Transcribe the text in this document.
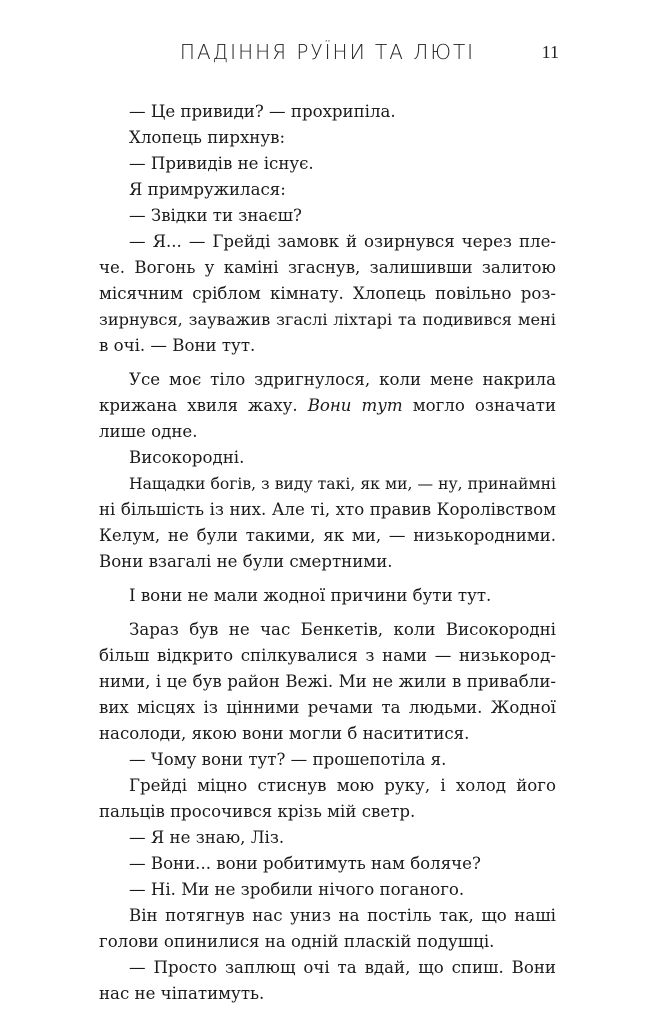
ПАДІННЯ РУЇНИ ТА ЛЮТІ	11
— Це привиди? — прохрипіла.
Хлопець пирхнув:
— Привидів не існує.
Я примружилася:
— Звідки ти знаєш?
— Я... — Грейді замовк й озирнувся через пле-
че. Вогонь у каміні згаснув, залишивши залитою
місячним сріблом кімнату. Хлопець повільно роз-
зирнувся, зауважив згаслі ліхтарі та подивився мені
в очі. — Вони тут.
Усе моє тіло здригнулося, коли мене накрила
крижана хвиля жаху. Вони тут могло означати
лише одне.
Високородні.
Нащадки богів, з виду такі, як ми, — ну, принаймні
ні більшість із них. Але ті, хто правив Королівством
Келум, не були такими, як ми, — низькородними.
Вони взагалі не були смертними.
І вони не мали жодної причини бути тут.
Зараз був не час Бенкетів, коли Високородні
більш відкрито спілкувалися з нами — низькород-
ними, і це був район Вежі. Ми не жили в привабли-
вих місцях із цінними речами та людьми. Жодної
насолоди, якою вони могли б насититися.
— Чому вони тут? — прошепотіла я.
Грейді міцно стиснув мою руку, і холод його
пальців просочився крізь мій светр.
— Я не знаю, Ліз.
— Вони... вони робитимуть нам боляче?
— Ні. Ми не зробили нічого поганого.
Він потягнув нас униз на постіль так, що наші
голови опинилися на одній пласкій подушці.
— Просто заплющ очі та вдай, що спиш. Вони
нас не чіпатимуть.
